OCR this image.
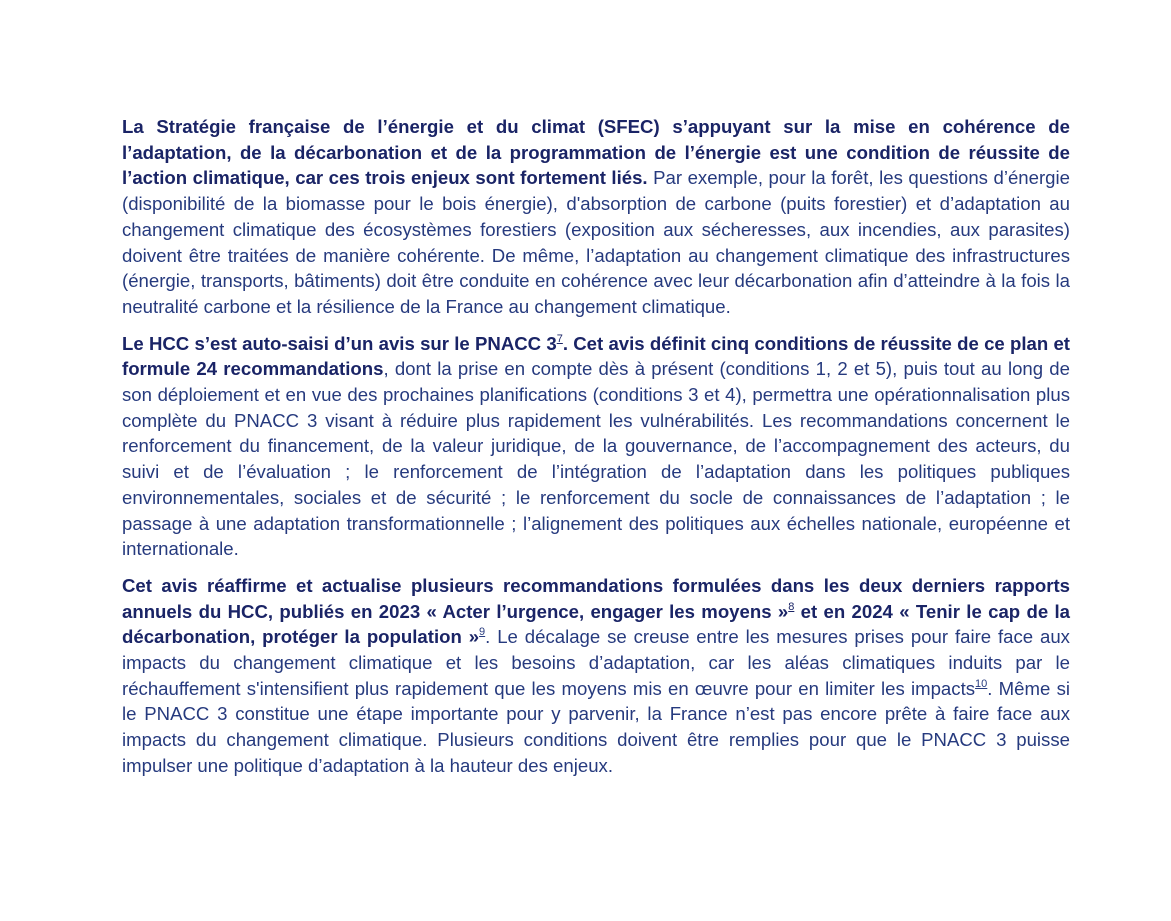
La Stratégie française de l’énergie et du climat (SFEC) s’appuyant sur la mise en cohérence de l’adaptation, de la décarbonation et de la programmation de l’énergie est une condition de réussite de l’action climatique, car ces trois enjeux sont fortement liés. Par exemple, pour la forêt, les questions d’énergie (disponibilité de la biomasse pour le bois énergie), d'absorption de carbone (puits forestier) et d’adaptation au changement climatique des écosystèmes forestiers (exposition aux sécheresses, aux incendies, aux parasites) doivent être traitées de manière cohérente. De même, l’adaptation au changement climatique des infrastructures (énergie, transports, bâtiments) doit être conduite en cohérence avec leur décarbonation afin d’atteindre à la fois la neutralité carbone et la résilience de la France au changement climatique.

Le HCC s’est auto-saisi d’un avis sur le PNACC 3$^7$. Cet avis définit cinq conditions de réussite de ce plan et formule 24 recommandations, dont la prise en compte dès à présent (conditions 1, 2 et 5), puis tout au long de son déploiement et en vue des prochaines planifications (conditions 3 et 4), permettra une opérationnalisation plus complète du PNACC 3 visant à réduire plus rapidement les vulnérabilités. Les recommandations concernent le renforcement du financement, de la valeur juridique, de la gouvernance, de l’accompagnement des acteurs, du suivi et de l’évaluation ; le renforcement de l’intégration de l’adaptation dans les politiques publiques environnementales, sociales et de sécurité ; le renforcement du socle de connaissances de l’adaptation ; le passage à une adaptation transformationnelle ; l’alignement des politiques aux échelles nationale, européenne et internationale.

Cet avis réaffirme et actualise plusieurs recommandations formulées dans les deux derniers rapports annuels du HCC, publiés en 2023 « Acter l’urgence, engager les moyens »$^8$ et en 2024 « Tenir le cap de la décarbonation, protéger la population »$^9$. Le décalage se creuse entre les mesures prises pour faire face aux impacts du changement climatique et les besoins d’adaptation, car les aléas climatiques induits par le réchauffement s'intensifient plus rapidement que les moyens mis en œuvre pour en limiter les impacts$^{10}$. Même si le PNACC 3 constitue une étape importante pour y parvenir, la France n’est pas encore prête à faire face aux impacts du changement climatique. Plusieurs conditions doivent être remplies pour que le PNACC 3 puisse impulser une politique d’adaptation à la hauteur des enjeux.
